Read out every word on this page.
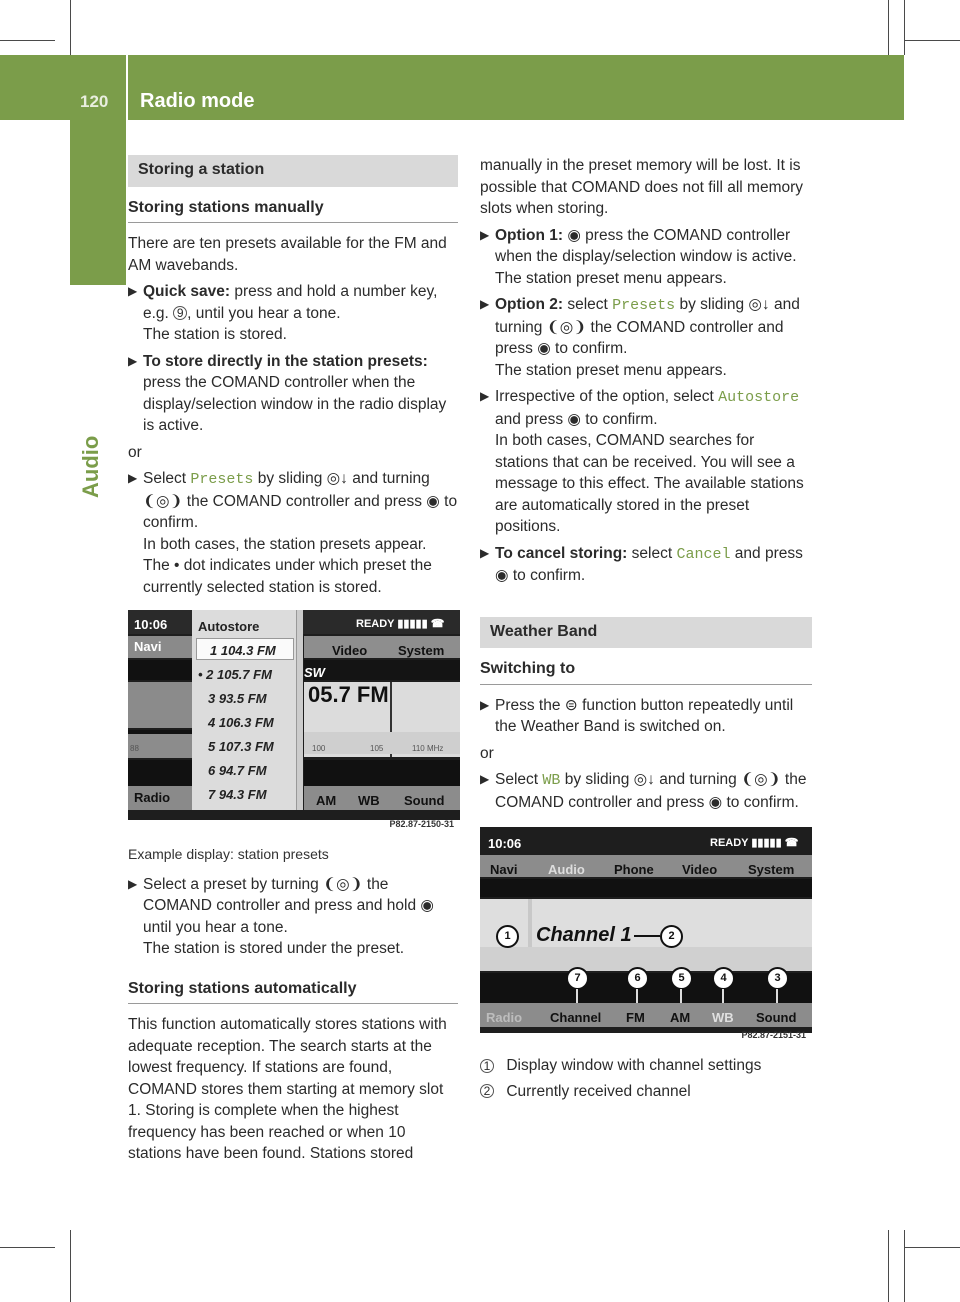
120 Radio mode
Audio
Storing a station
Storing stations manually

There are ten presets available for the FM and AM wavebands.

▶ Quick save: press and hold a number key, e.g. 9 , until you hear a tone.
The station is stored.
▶ To store directly in the station presets: press the COMAND controller when the display/selection window in the radio display is active.

or

▶ Select Presets by sliding ◎↓ and turning ❨◎❩ the COMAND controller and press ◉ to confirm.
In both cases, the station presets appear.
The • dot indicates under which preset the currently selected station is stored.
10:06	READY ▮▮▮▮▮ ☎
Navi
88
Radio
Autostore
1 104.3 FM
• 2 105.7 FM
3 93.5 FM
4 106.3 FM
5 107.3 FM
6 94.7 FM
7 94.3 FM
Video System
SW
05.7 FM
100	105	110 MHz
AM WB Sound
P82.87-2150-31
Example display: station presets
▶ Select a preset by turning ❨◎❩ the COMAND controller and press and hold ◉ until you hear a tone.
The station is stored under the preset.
Storing stations automatically

This function automatically stores stations with adequate reception. The search starts at the lowest frequency. If stations are found, COMAND stores them starting at memory slot 1. Storing is complete when the highest frequency has been reached or when 10 stations have been found. Stations stored

manually in the preset memory will be lost. It is possible that COMAND does not fill all memory slots when storing.

▶ Option 1: ◉ press the COMAND controller when the display/selection window is active.
The station preset menu appears.
▶ Option 2: select Presets by sliding ◎↓ and turning ❨◎❩ the COMAND controller and press ◉ to confirm.
The station preset menu appears.
▶ Irrespective of the option, select Autostore and press ◉ to confirm.
In both cases, COMAND searches for stations that can be received. You will see a message to this effect. The available stations are automatically stored in the preset positions.
▶ To cancel storing: select Cancel and press ◉ to confirm.
Weather Band
Switching to
▶ Press the ⊜ function button repeatedly until the Weather Band is switched on.

or

▶ Select WB by sliding ◎↓ and turning ❨◎❩ the COMAND controller and press ◉ to confirm.
10:06	READY ▮▮▮▮▮ ☎
Navi Audio Phone Video System
Channel 1
1	2
7	6	5	4	3
Radio Channel FM AM WB Sound
P82.87-2151-31
1 Display window with channel settings
2 Currently received channel
